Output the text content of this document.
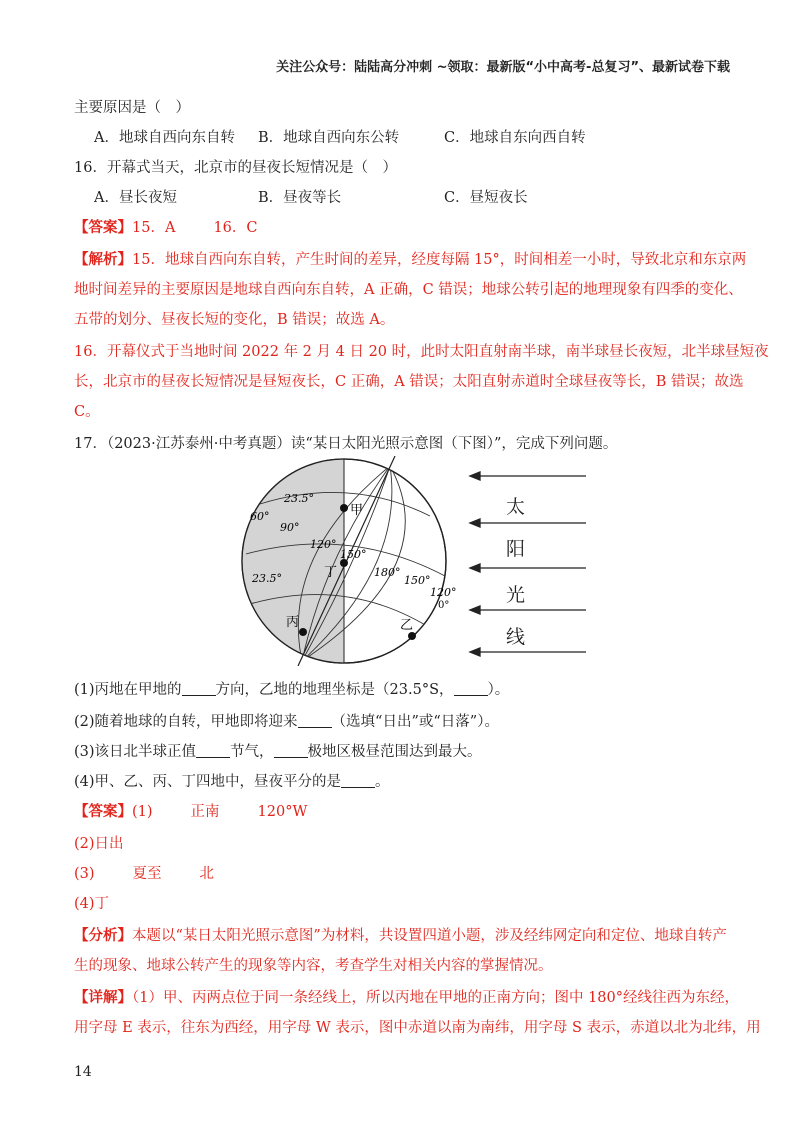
关注公众号：陆陆高分冲刺 ~领取：最新版“小中高考-总复习”、最新试卷下载
主要原因是（　）
A．地球自西向东自转 B．地球自西向东公转	C．地球自东向西自转
16．开幕式当天，北京市的昼夜长短情况是（　）
A．昼长夜短	B．昼夜等长	C．昼短夜长
【答案】15．A	16．C
【解析】15．地球自西向东自转，产生时间的差异，经度每隔 15°，时间相差一小时，导致北京和东京两
地时间差异的主要原因是地球自西向东自转，A 正确，C 错误；地球公转引起的地理现象有四季的变化、
五带的划分、昼夜长短的变化，B 错误；故选 A。
16．开幕仪式于当地时间 2022 年 2 月 4 日 20 时，此时太阳直射南半球，南半球昼长夜短，北半球昼短夜
长，北京市的昼夜长短情况是昼短夜长，C 正确，A 错误；太阳直射赤道时全球昼夜等长，B 错误；故选
C。
17．（2023·江苏泰州·中考真题）读“某日太阳光照示意图（下图）”，完成下列问题。
23.5°
23.5°
60°
90°
120°
150°
180°
150°
120°
0°
甲
丁
丙	乙
太
阳
光
线
(1)丙地在甲地的 方向，乙地的地理坐标是（23.5°S， ）。
(2)随着地球的自转，甲地即将迎来 （选填“日出”或“日落”）。
(3)该日北半球正值 节气， 极地区极昼范围达到最大。
(4)甲、乙、丙、丁四地中，昼夜平分的是 。
【答案】(1)	正南	120°W
(2)日出
(3)	夏至	北
(4)丁
【分析】本题以“某日太阳光照示意图”为材料，共设置四道小题，涉及经纬网定向和定位、地球自转产
生的现象、地球公转产生的现象等内容，考查学生对相关内容的掌握情况。
【详解】（1）甲、丙两点位于同一条经线上，所以丙地在甲地的正南方向；图中 180°经线往西为东经，
用字母 E 表示，往东为西经，用字母 W 表示，图中赤道以南为南纬，用字母 S 表示，赤道以北为北纬，用
14
